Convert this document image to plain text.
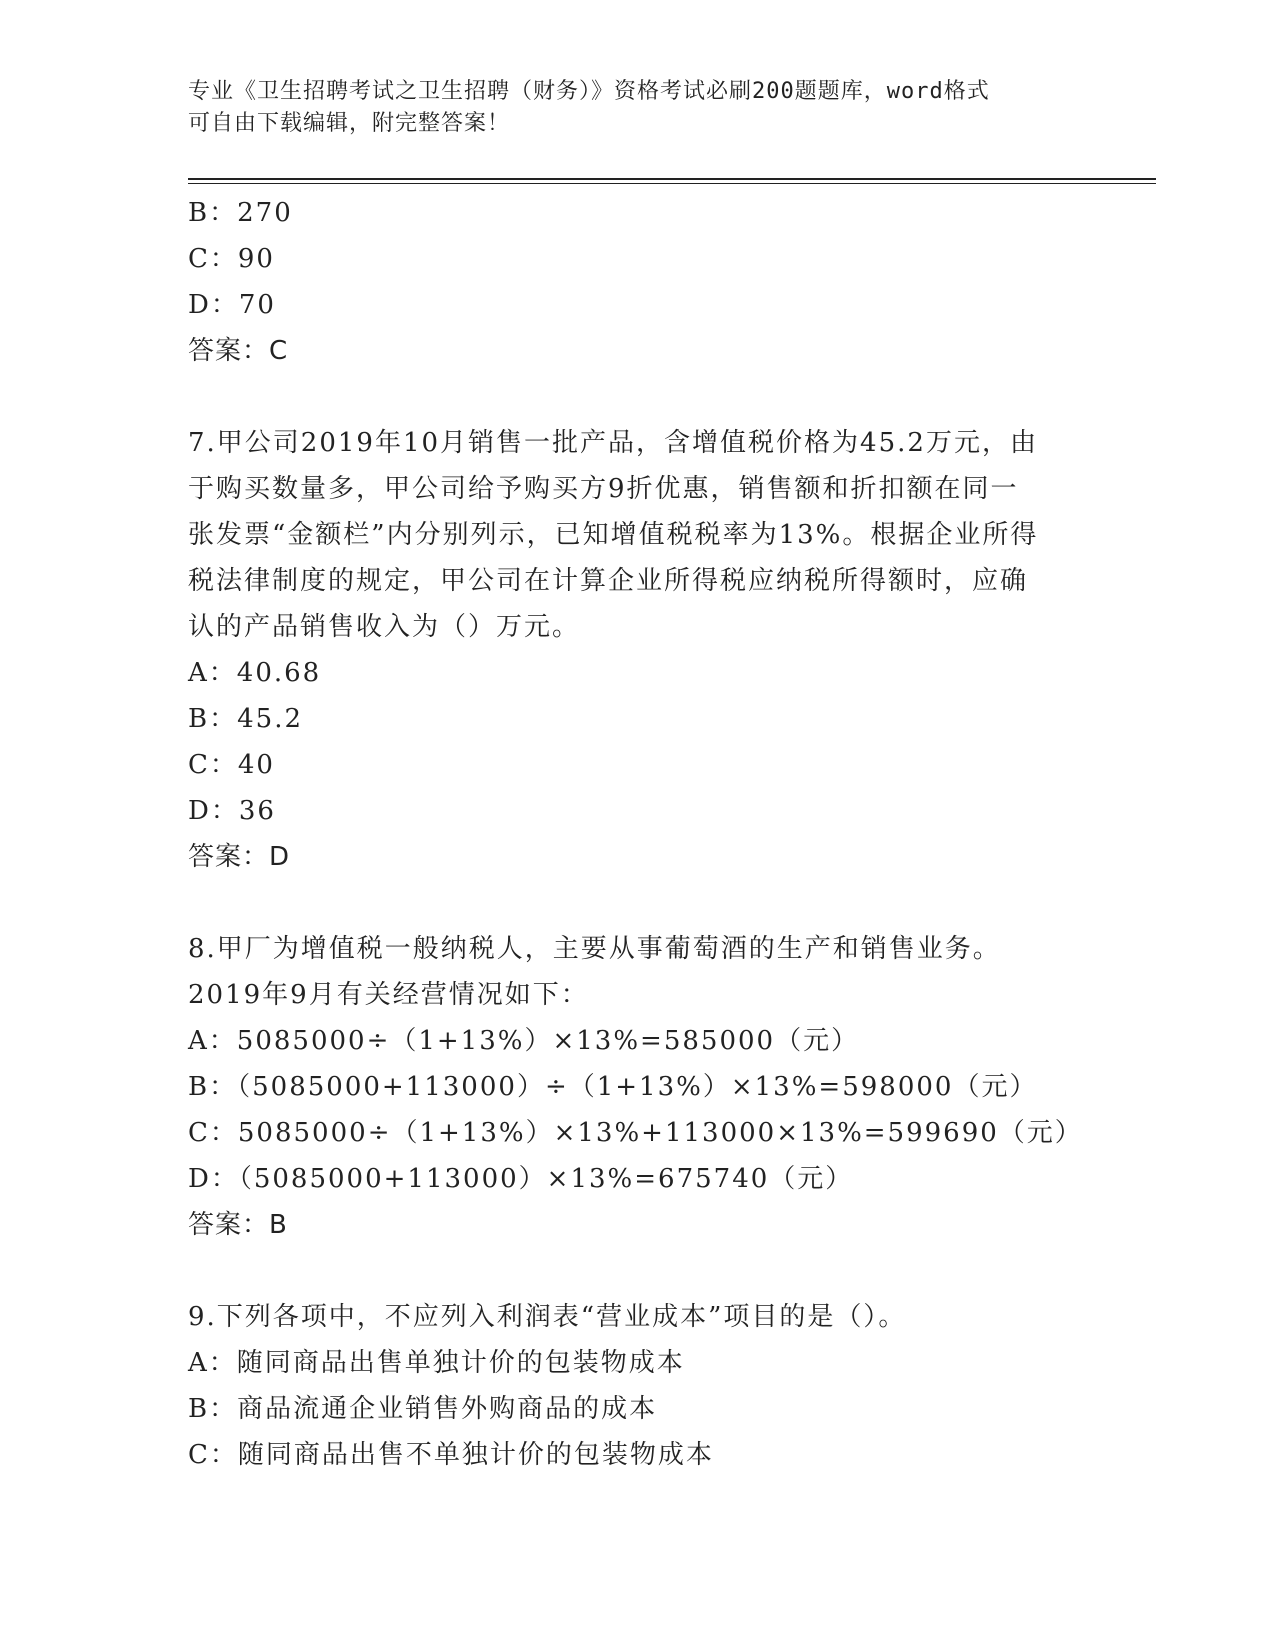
专业《卫生招聘考试之卫生招聘（财务）》资格考试必刷200题题库，word格式
可自由下载编辑，附完整答案！
B：270
C：90
D：70
答案：C
7.甲公司2019年10月销售一批产品，含增值税价格为45.2万元，由
于购买数量多，甲公司给予购买方9折优惠，销售额和折扣额在同一
张发票“金额栏”内分别列示，已知增值税税率为13%。根据企业所得
税法律制度的规定，甲公司在计算企业所得税应纳税所得额时，应确
认的产品销售收入为（）万元。
A：40.68
B：45.2
C：40
D：36
答案：D
8.甲厂为增值税一般纳税人，主要从事葡萄酒的生产和销售业务。
2019年9月有关经营情况如下：
A：5085000÷（1+13%）×13%=585000（元）
B：（5085000+113000）÷（1+13%）×13%=598000（元）
C：5085000÷（1+13%）×13%+113000×13%=599690（元）
D：（5085000+113000）×13%=675740（元）
答案：B
9.下列各项中，不应列入利润表“营业成本”项目的是（）。
A：随同商品出售单独计价的包装物成本
B：商品流通企业销售外购商品的成本
C：随同商品出售不单独计价的包装物成本
